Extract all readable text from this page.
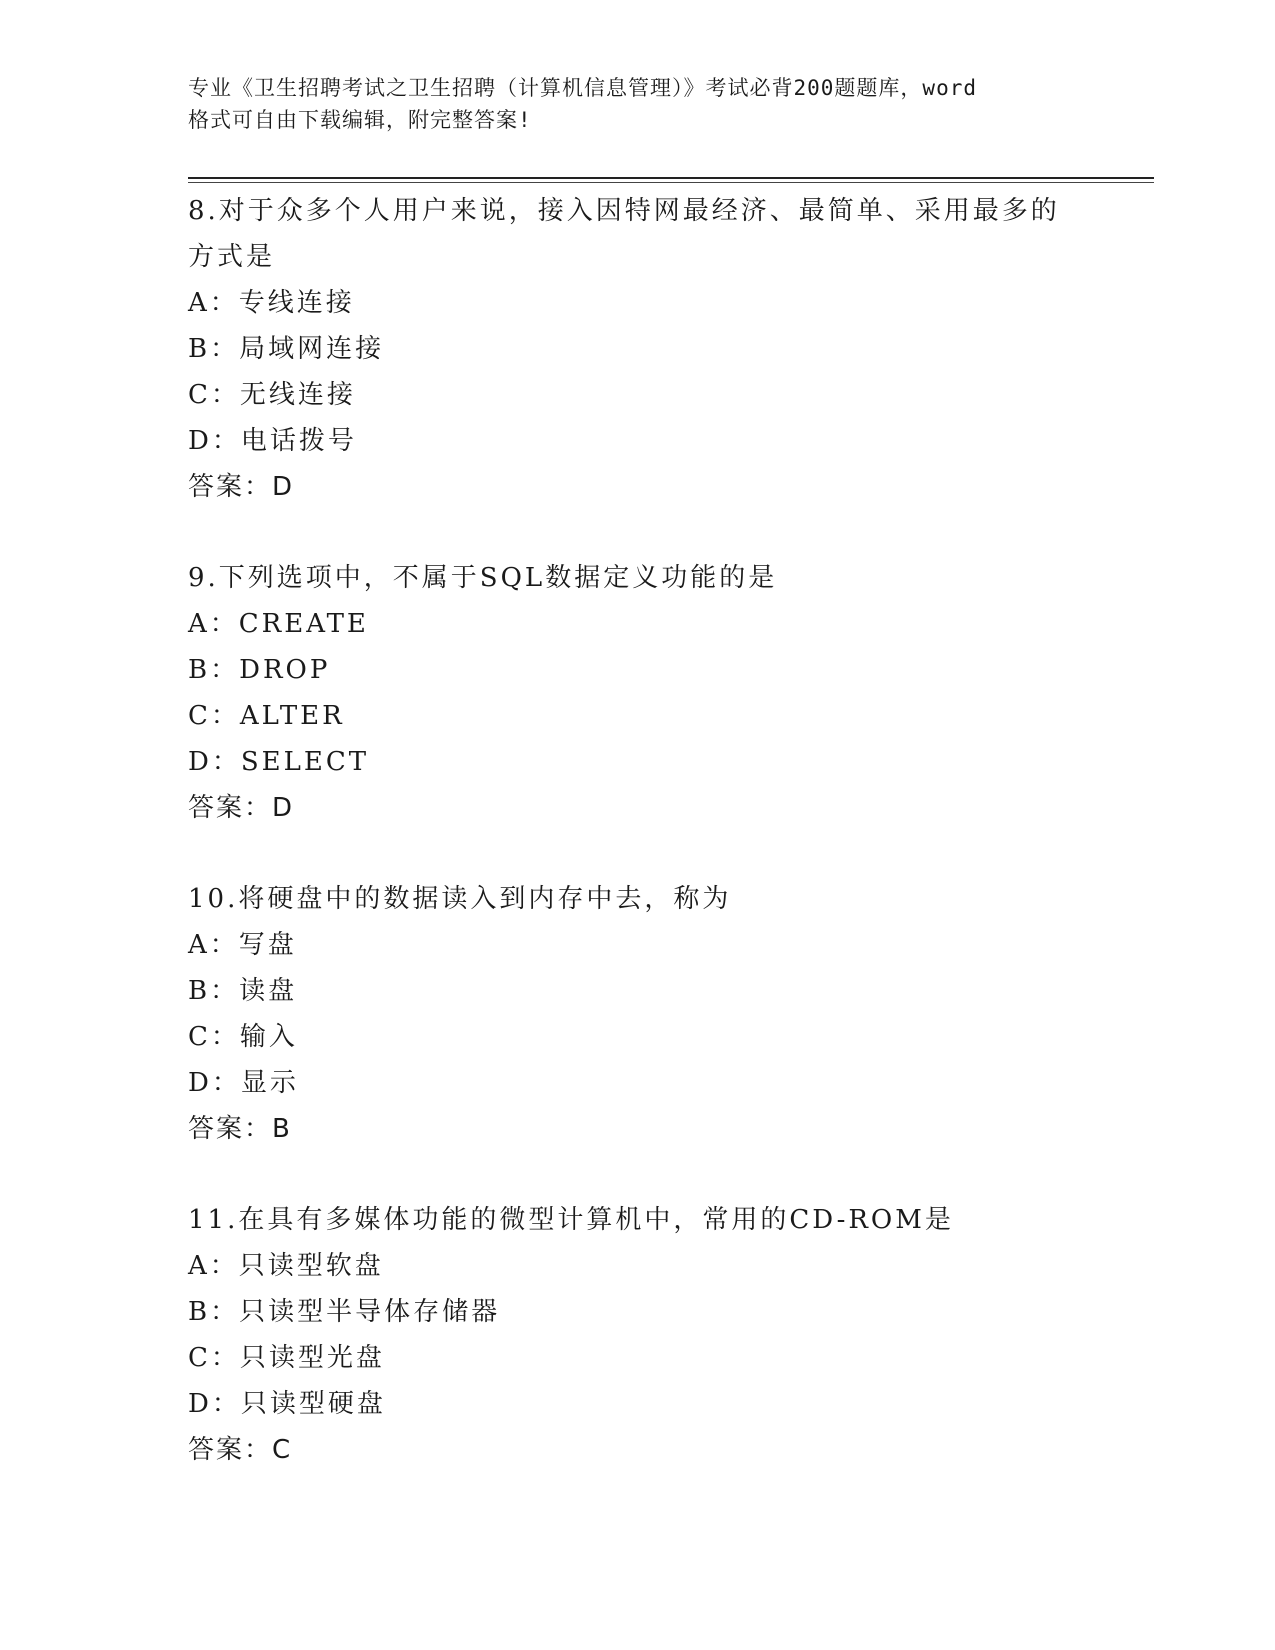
专业《卫生招聘考试之卫生招聘（计算机信息管理）》考试必背200题题库，word
格式可自由下载编辑，附完整答案!
8.对于众多个人用户来说，接入因特网最经济、最简单、采用最多的方式是
A：专线连接
B：局域网连接
C：无线连接
D：电话拨号
答案：D
9.下列选项中，不属于SQL数据定义功能的是
A：CREATE
B：DROP
C：ALTER
D：SELECT
答案：D
10.将硬盘中的数据读入到内存中去，称为
A：写盘
B：读盘
C：输入
D：显示
答案：B
11.在具有多媒体功能的微型计算机中，常用的CD-ROM是
A：只读型软盘
B：只读型半导体存储器
C：只读型光盘
D：只读型硬盘
答案：C
